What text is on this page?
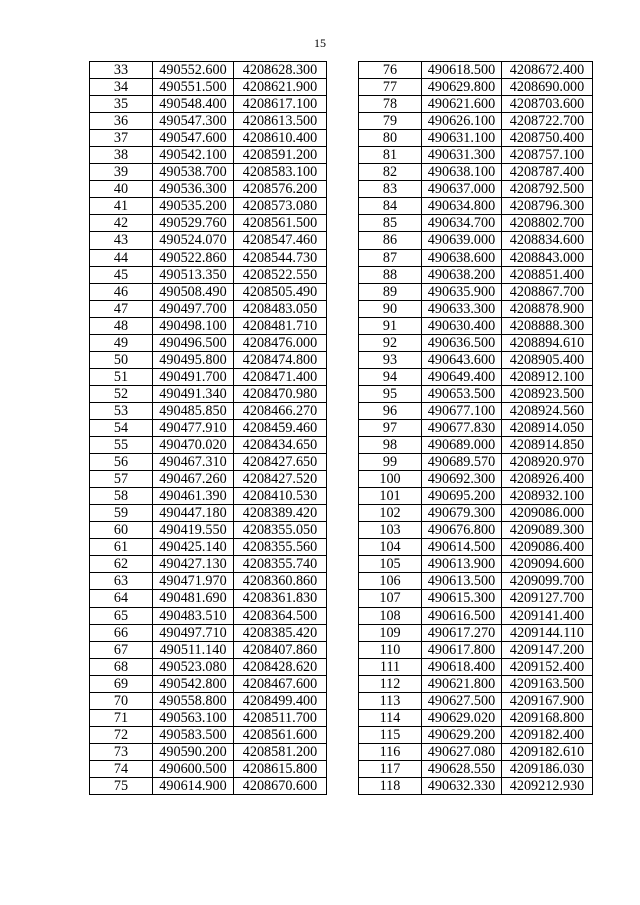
15
33	490552.600	4208628.300
34	490551.500	4208621.900
35	490548.400	4208617.100
36	490547.300	4208613.500
37	490547.600	4208610.400
38	490542.100	4208591.200
39	490538.700	4208583.100
40	490536.300	4208576.200
41	490535.200	4208573.080
42	490529.760	4208561.500
43	490524.070	4208547.460
44	490522.860	4208544.730
45	490513.350	4208522.550
46	490508.490	4208505.490
47	490497.700	4208483.050
48	490498.100	4208481.710
49	490496.500	4208476.000
50	490495.800	4208474.800
51	490491.700	4208471.400
52	490491.340	4208470.980
53	490485.850	4208466.270
54	490477.910	4208459.460
55	490470.020	4208434.650
56	490467.310	4208427.650
57	490467.260	4208427.520
58	490461.390	4208410.530
59	490447.180	4208389.420
60	490419.550	4208355.050
61	490425.140	4208355.560
62	490427.130	4208355.740
63	490471.970	4208360.860
64	490481.690	4208361.830
65	490483.510	4208364.500
66	490497.710	4208385.420
67	490511.140	4208407.860
68	490523.080	4208428.620
69	490542.800	4208467.600
70	490558.800	4208499.400
71	490563.100	4208511.700
72	490583.500	4208561.600
73	490590.200	4208581.200
74	490600.500	4208615.800
75	490614.900	4208670.600
76	490618.500	4208672.400
77	490629.800	4208690.000
78	490621.600	4208703.600
79	490626.100	4208722.700
80	490631.100	4208750.400
81	490631.300	4208757.100
82	490638.100	4208787.400
83	490637.000	4208792.500
84	490634.800	4208796.300
85	490634.700	4208802.700
86	490639.000	4208834.600
87	490638.600	4208843.000
88	490638.200	4208851.400
89	490635.900	4208867.700
90	490633.300	4208878.900
91	490630.400	4208888.300
92	490636.500	4208894.610
93	490643.600	4208905.400
94	490649.400	4208912.100
95	490653.500	4208923.500
96	490677.100	4208924.560
97	490677.830	4208914.050
98	490689.000	4208914.850
99	490689.570	4208920.970
100	490692.300	4208926.400
101	490695.200	4208932.100
102	490679.300	4209086.000
103	490676.800	4209089.300
104	490614.500	4209086.400
105	490613.900	4209094.600
106	490613.500	4209099.700
107	490615.300	4209127.700
108	490616.500	4209141.400
109	490617.270	4209144.110
110	490617.800	4209147.200
111	490618.400	4209152.400
112	490621.800	4209163.500
113	490627.500	4209167.900
114	490629.020	4209168.800
115	490629.200	4209182.400
116	490627.080	4209182.610
117	490628.550	4209186.030
118	490632.330	4209212.930
